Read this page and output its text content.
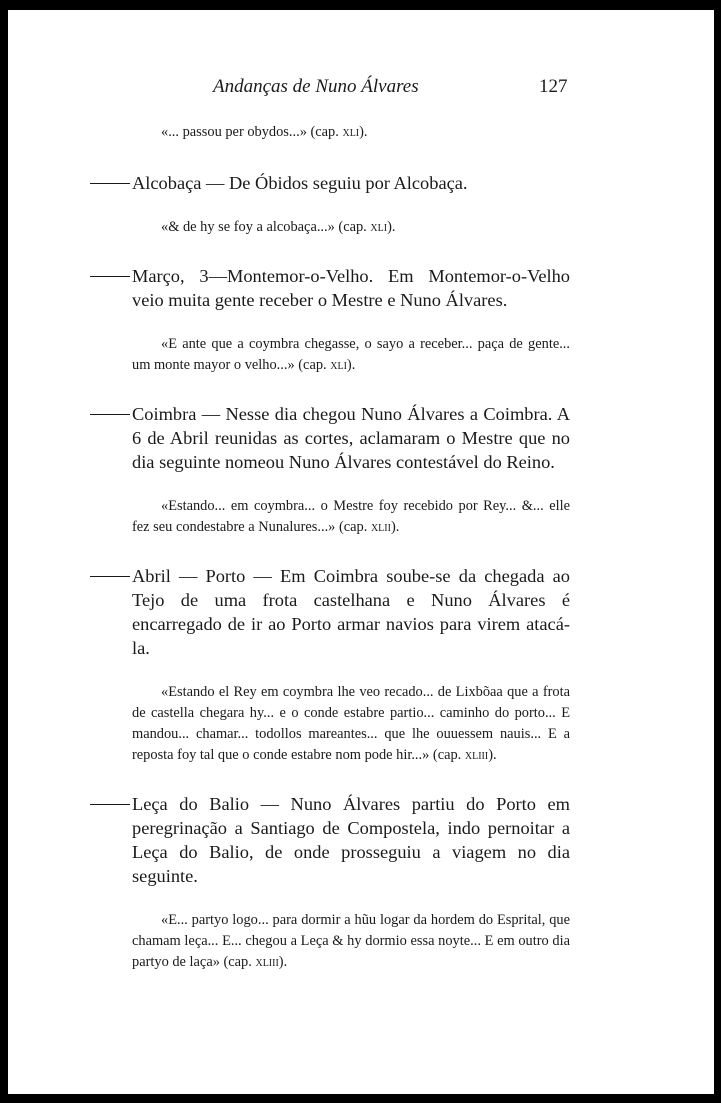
Andanças de Nuno Álvares	127

«... passou per obydos...» (cap. xli).

Alcobaça — De Óbidos seguiu por Alcobaça.

«& de hy se foy a alcobaça...» (cap. xli).

Março, 3—Montemor-o-Velho. Em Montemor-o-Velho veio muita gente receber o Mestre e Nuno Álvares.

«E ante que a coymbra chegasse, o sayo a receber... paça de gente... um monte mayor o velho...» (cap. xli).

Coimbra — Nesse dia chegou Nuno Álvares a Coimbra. A 6 de Abril reunidas as cortes, aclamaram o Mestre que no dia seguinte nomeou Nuno Álvares contestável do Reino.

«Estando... em coymbra... o Mestre foy recebido por Rey... &... elle fez seu condestabre a Nunalures...» (cap. xlii).

Abril — Porto — Em Coimbra soube-se da chegada ao Tejo de uma frota castelhana e Nuno Álvares é encarregado de ir ao Porto armar navios para virem atacá-la.

«Estando el Rey em coymbra lhe veo recado... de Lixbõaa que a frota de castella chegara hy... e o conde estabre partio... caminho do porto... E mandou... chamar... todollos mareantes... que lhe ouuessem nauis... E a reposta foy tal que o conde estabre nom pode hir...» (cap. xliii).

Leça do Balio — Nuno Álvares partiu do Porto em peregrinação a Santiago de Compostela, indo pernoitar a Leça do Balio, de onde prosseguiu a viagem no dia seguinte.

«E... partyo logo... para dormir a hũu logar da hordem do Esprital, que chamam leça... E... chegou a Leça & hy dormio essa noyte... E em outro dia partyo de laça» (cap. xliii).
